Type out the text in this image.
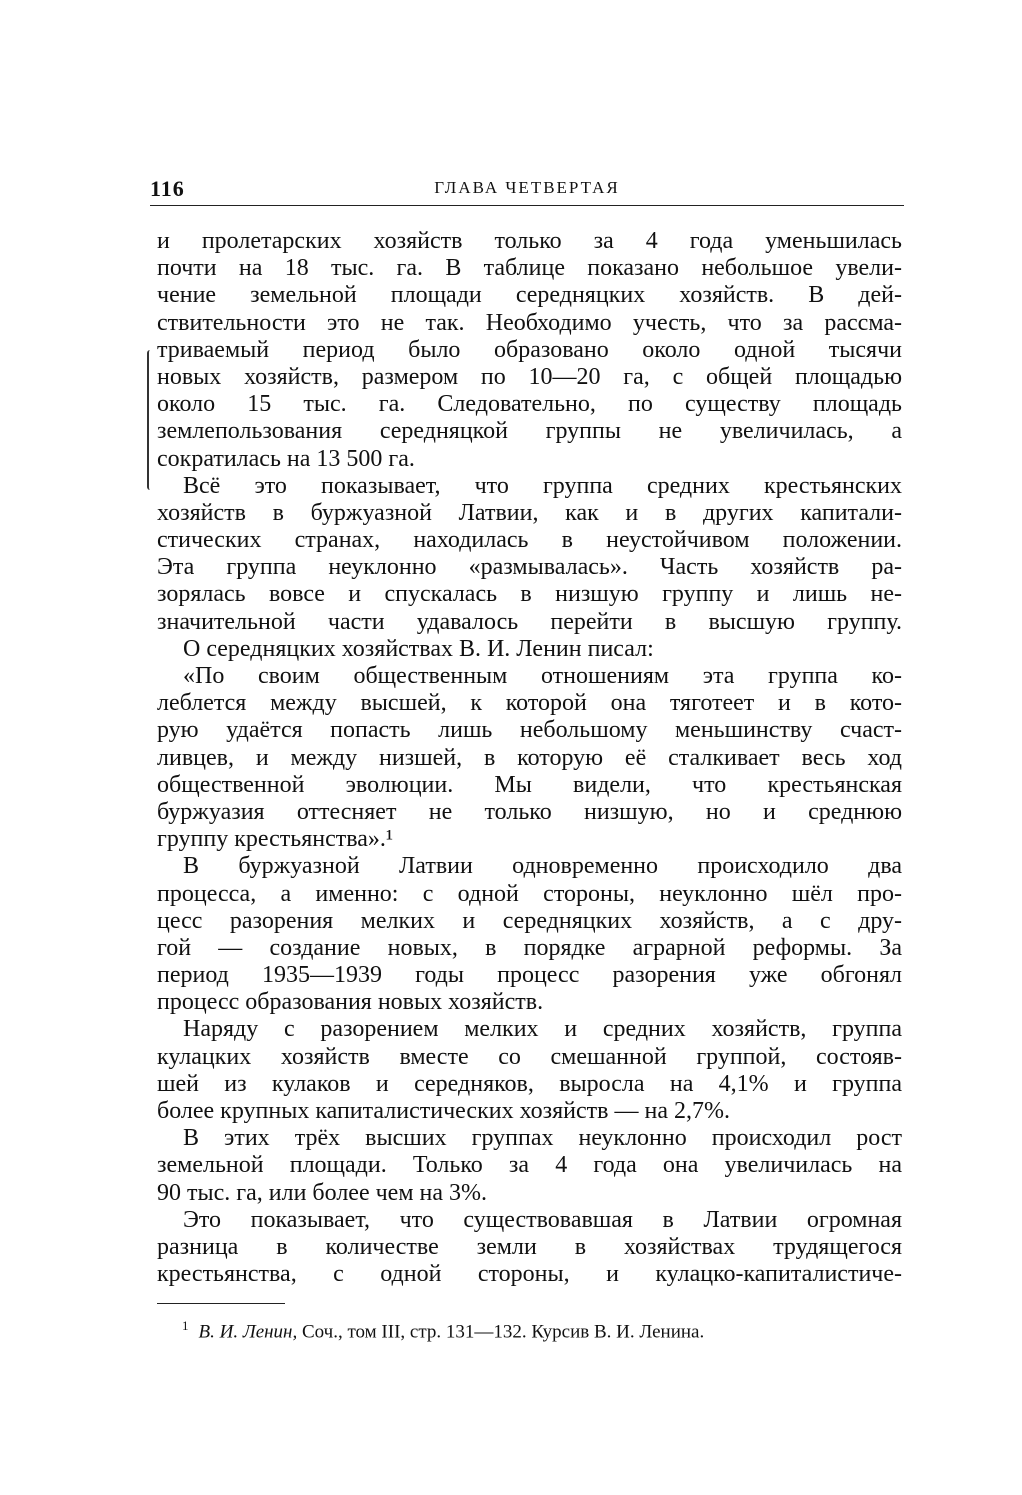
116	ГЛАВА ЧЕТВЕРТАЯ
и пролетарских хозяйств только за 4 года уменьшилась
почти на 18 тыс. га. В таблице показано небольшое увели-
чение земельной площади середняцких хозяйств. В дей-
ствительности это не так. Необходимо учесть, что за рассма-
триваемый период было образовано около одной тысячи
новых хозяйств, размером по 10—20 га, с общей площадью
около 15 тыс. га. Следовательно, по существу площадь
землепользования середняцкой группы не увеличилась, а
сократилась на 13 500 га.
Всё это показывает, что группа средних крестьянских
хозяйств в буржуазной Латвии, как и в других капитали-
стических странах, находилась в неустойчивом положении.
Эта группа неуклонно «размывалась». Часть хозяйств ра-
зорялась вовсе и спускалась в низшую группу и лишь не-
значительной части удавалось перейти в высшую группу.
О середняцких хозяйствах В. И. Ленин писал:
«По своим общественным отношениям эта группа ко-
леблется между высшей, к которой она тяготеет и в кото-
рую удаётся попасть лишь небольшому меньшинству счаст-
ливцев, и между низшей, в которую её сталкивает весь ход
общественной эволюции. Мы видели, что крестьянская
буржуазия оттесняет не только низшую, но и среднюю
группу крестьянства».¹
В буржуазной Латвии одновременно происходило два
процесса, а именно: с одной стороны, неуклонно шёл про-
цесс разорения мелких и середняцких хозяйств, а с дру-
гой — создание новых, в порядке аграрной реформы. За
период 1935—1939 годы процесс разорения уже обгонял
процесс образования новых хозяйств.
Наряду с разорением мелких и средних хозяйств, группа
кулацких хозяйств вместе со смешанной группой, состояв-
шей из кулаков и середняков, выросла на 4,1% и группа
более крупных капиталистических хозяйств — на 2,7%.
В этих трёх высших группах неуклонно происходил рост
земельной площади. Только за 4 года она увеличилась на
90 тыс. га, или более чем на 3%.
Это показывает, что существовавшая в Латвии огромная
разница в количестве земли в хозяйствах трудящегося
крестьянства, с одной стороны, и кулацко-капиталистиче-
$^1$ В. И. Ленин, Соч., том III, стр. 131—132. Курсив В. И. Ленина.
